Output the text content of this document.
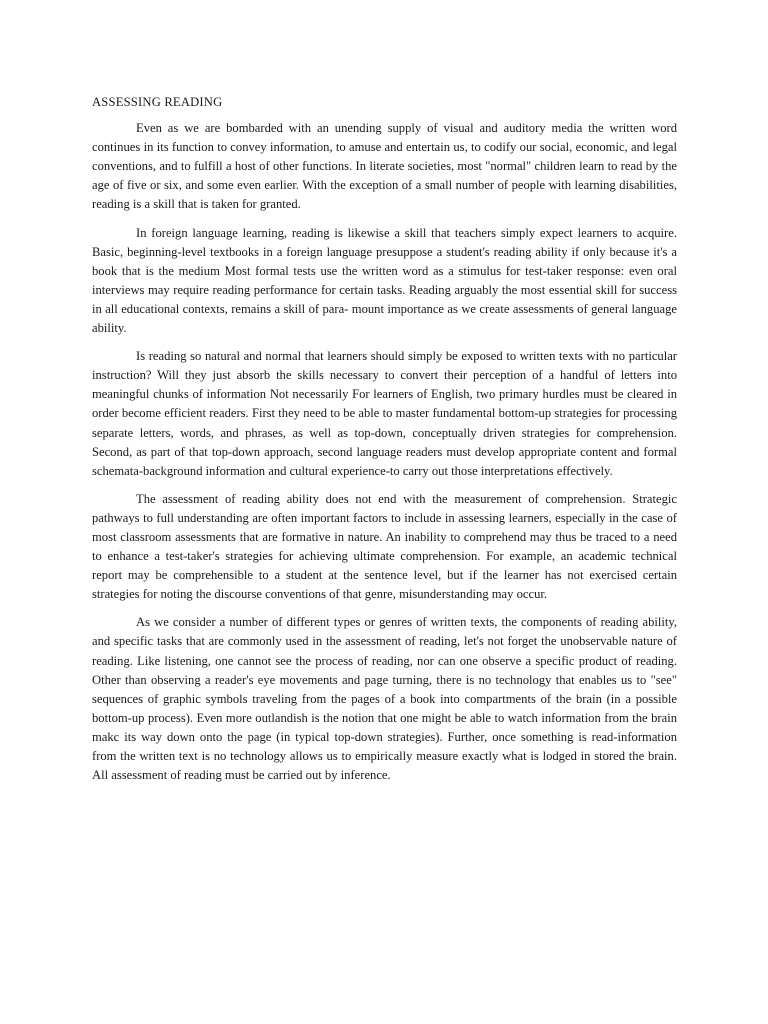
ASSESSING READING

Even as we are bombarded with an unending supply of visual and auditory media the written word continues in its function to convey information, to amuse and entertain us, to codify our social, economic, and legal conventions, and to fulfill a host of other functions. In literate societies, most "normal" children learn to read by the age of five or six, and some even earlier. With the exception of a small number of people with learning disabilities, reading is a skill that is taken for granted.

In foreign language learning, reading is likewise a skill that teachers simply expect learners to acquire. Basic, beginning-level textbooks in a foreign language presuppose a student's reading ability if only because it's a book that is the medium Most formal tests use the written word as a stimulus for test-taker response: even oral interviews may require reading performance for certain tasks. Reading arguably the most essential skill for success in all educational contexts, remains a skill of para- mount importance as we create assessments of general language ability.

Is reading so natural and normal that learners should simply be exposed to written texts with no particular instruction? Will they just absorb the skills necessary to convert their perception of a handful of letters into meaningful chunks of information Not necessarily For learners of English, two primary hurdles must be cleared in order become efficient readers. First they need to be able to master fundamental bottom-up strategies for processing separate letters, words, and phrases, as well as top-down, conceptually driven strategies for comprehension. Second, as part of that top-down approach, second language readers must develop appropriate content and formal schemata-background information and cultural experience-to carry out those interpretations effectively.

The assessment of reading ability does not end with the measurement of comprehension. Strategic pathways to full understanding are often important factors to include in assessing learners, especially in the case of most classroom assessments that are formative in nature. An inability to comprehend may thus be traced to a need to enhance a test-taker's strategies for achieving ultimate comprehension. For example, an academic technical report may be comprehensible to a student at the sentence level, but if the learner has not exercised certain strategies for noting the discourse conventions of that genre, misunderstanding may occur.

As we consider a number of different types or genres of written texts, the components of reading ability, and specific tasks that are commonly used in the assessment of reading, let's not forget the unobservable nature of reading. Like listening, one cannot see the process of reading, nor can one observe a specific product of reading. Other than observing a reader's eye movements and page turning, there is no technology that enables us to "see" sequences of graphic symbols traveling from the pages of a book into compartments of the brain (in a possible bottom-up process). Even more outlandish is the notion that one might be able to watch information from the brain makc its way down onto the page (in typical top-down strategies). Further, once something is read-information from the written text is no technology allows us to empirically measure exactly what is lodged in stored the brain. All assessment of reading must be carried out by inference.
